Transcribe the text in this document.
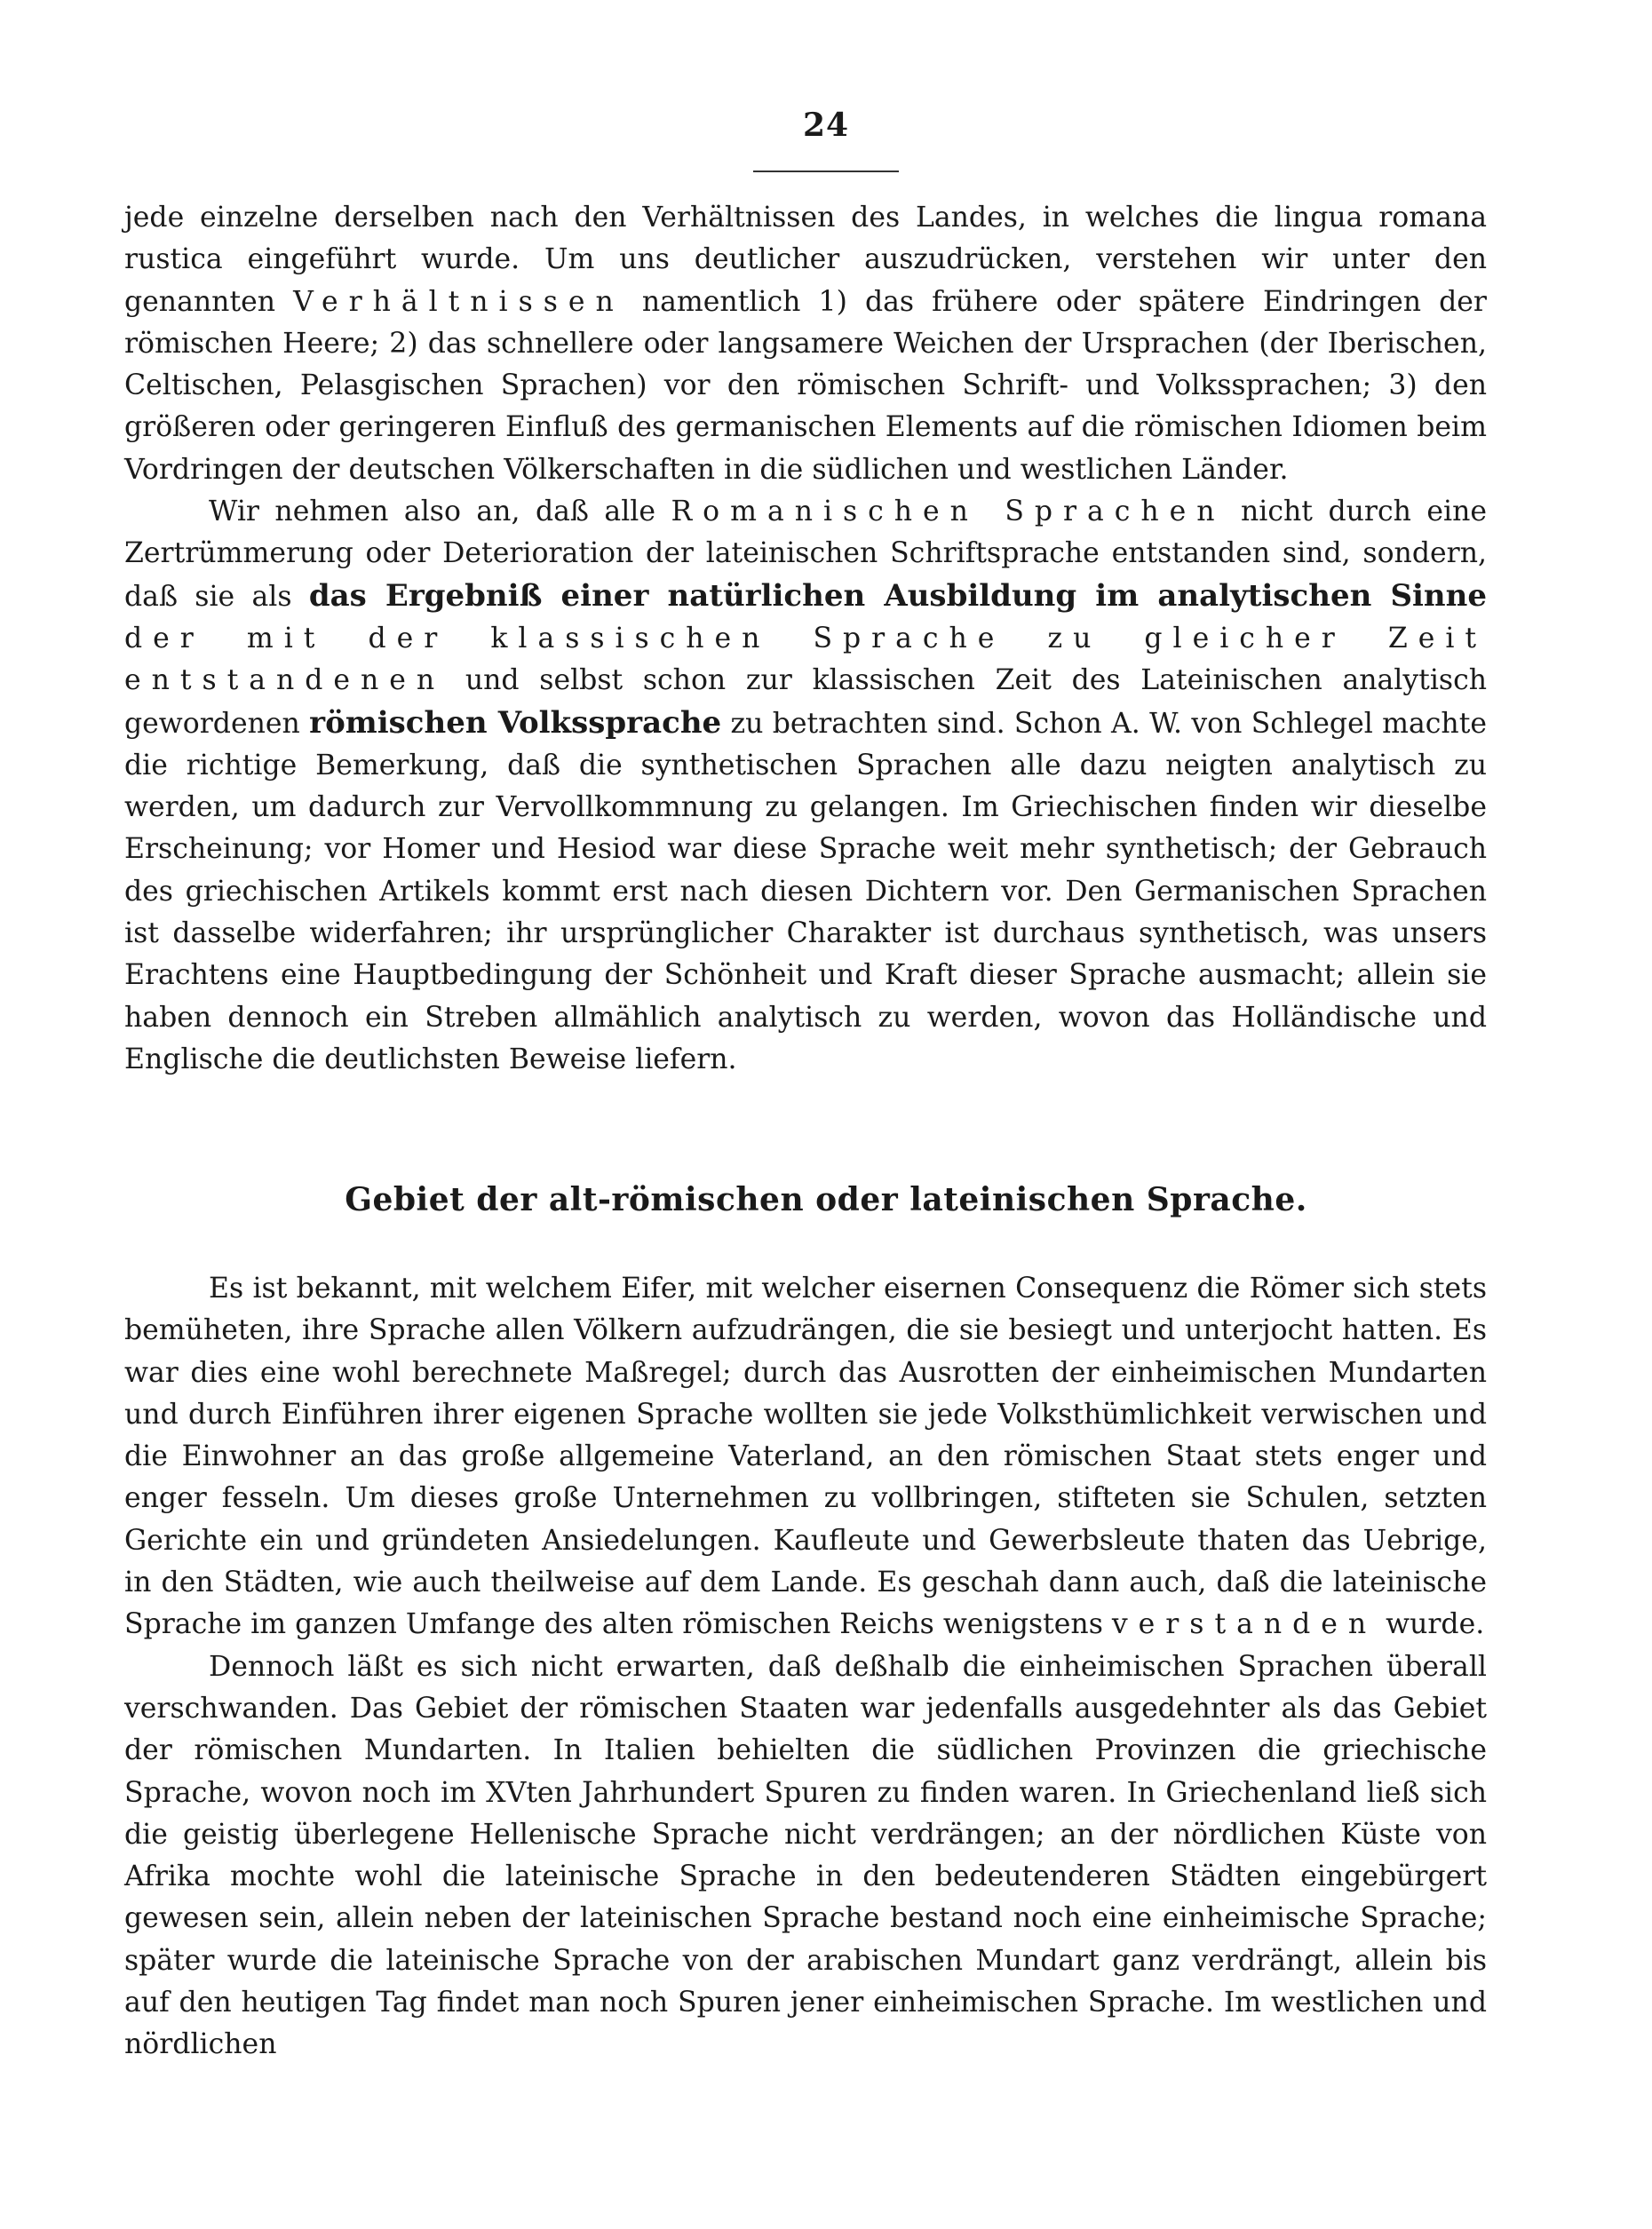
24

jede einzelne derselben nach den Verhältnissen des Landes, in welches die lingua romana rustica eingeführt wurde. Um uns deutlicher auszudrücken, verstehen wir unter den genannten Verhältnissen namentlich 1) das frühere oder spätere Eindringen der römischen Heere; 2) das schnellere oder langsamere Weichen der Ursprachen (der Iberischen, Celtischen, Pelasgischen Sprachen) vor den römischen Schrift- und Volkssprachen; 3) den größeren oder geringeren Einfluß des germanischen Elements auf die römischen Idiomen beim Vordringen der deutschen Völkerschaften in die südlichen und westlichen Länder.

Wir nehmen also an, daß alle Romanischen Sprachen nicht durch eine Zertrümmerung oder Deterioration der lateinischen Schriftsprache entstanden sind, sondern, daß sie als das Ergebniß einer natürlichen Ausbildung im analytischen Sinne der mit der klassischen Sprache zu gleicher Zeit entstandenen und selbst schon zur klassischen Zeit des Lateinischen analytisch gewordenen römischen Volkssprache zu betrachten sind. Schon A. W. von Schlegel machte die richtige Bemerkung, daß die synthetischen Sprachen alle dazu neigten analytisch zu werden, um dadurch zur Vervollkommnung zu gelangen. Im Griechischen finden wir dieselbe Erscheinung; vor Homer und Hesiod war diese Sprache weit mehr synthetisch; der Gebrauch des griechischen Artikels kommt erst nach diesen Dichtern vor. Den Germanischen Sprachen ist dasselbe widerfahren; ihr ursprünglicher Charakter ist durchaus synthetisch, was unsers Erachtens eine Hauptbedingung der Schönheit und Kraft dieser Sprache ausmacht; allein sie haben dennoch ein Streben allmählich analytisch zu werden, wovon das Holländische und Englische die deutlichsten Beweise liefern.

Gebiet der alt-römischen oder lateinischen Sprache.

Es ist bekannt, mit welchem Eifer, mit welcher eisernen Consequenz die Römer sich stets bemüheten, ihre Sprache allen Völkern aufzudrängen, die sie besiegt und unterjocht hatten. Es war dies eine wohl berechnete Maßregel; durch das Ausrotten der einheimischen Mundarten und durch Einführen ihrer eigenen Sprache wollten sie jede Volksthümlichkeit verwischen und die Einwohner an das große allgemeine Vaterland, an den römischen Staat stets enger und enger fesseln. Um dieses große Unternehmen zu vollbringen, stifteten sie Schulen, setzten Gerichte ein und gründeten Ansiedelungen. Kaufleute und Gewerbsleute thaten das Uebrige, in den Städten, wie auch theilweise auf dem Lande. Es geschah dann auch, daß die lateinische Sprache im ganzen Umfange des alten römischen Reichs wenigstens verstanden wurde.

Dennoch läßt es sich nicht erwarten, daß deßhalb die einheimischen Sprachen überall verschwanden. Das Gebiet der römischen Staaten war jedenfalls ausgedehnter als das Gebiet der römischen Mundarten. In Italien behielten die südlichen Provinzen die griechische Sprache, wovon noch im XVten Jahrhundert Spuren zu finden waren. In Griechenland ließ sich die geistig überlegene Hellenische Sprache nicht verdrängen; an der nördlichen Küste von Afrika mochte wohl die lateinische Sprache in den bedeutenderen Städten eingebürgert gewesen sein, allein neben der lateinischen Sprache bestand noch eine einheimische Sprache; später wurde die lateinische Sprache von der arabischen Mundart ganz verdrängt, allein bis auf den heutigen Tag findet man noch Spuren jener einheimischen Sprache. Im westlichen und nördlichen
